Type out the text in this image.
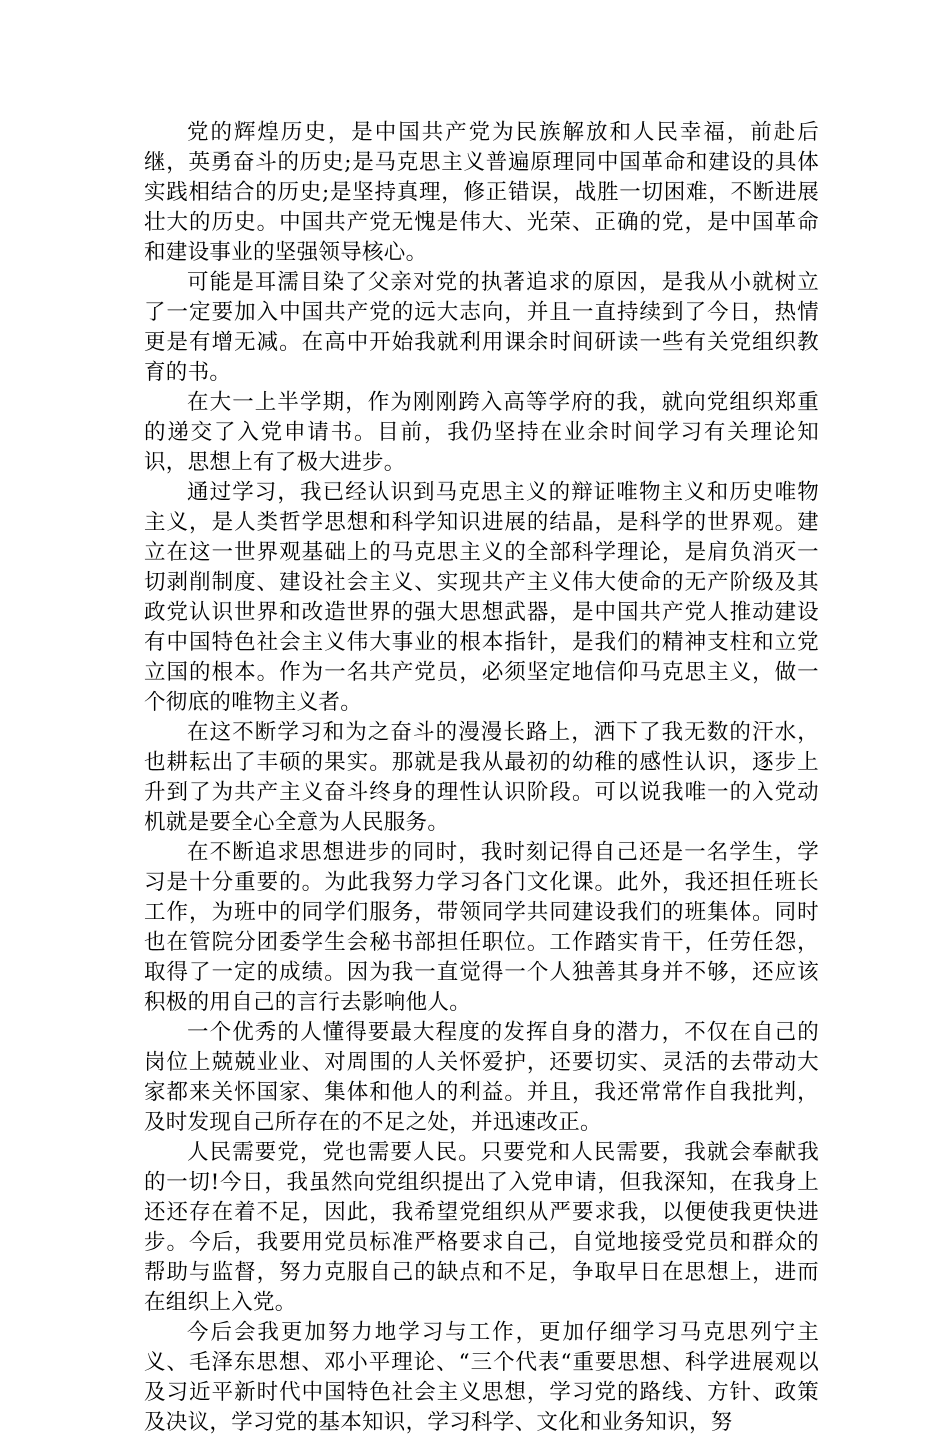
党的辉煌历史，是中国共产党为民族解放和人民幸福，前赴后继，英勇奋斗的历史;是马克思主义普遍原理同中国革命和建设的具体实践相结合的历史;是坚持真理，修正错误，战胜一切困难，不断进展壮大的历史。中国共产党无愧是伟大、光荣、正确的党，是中国革命和建设事业的坚强领导核心。

可能是耳濡目染了父亲对党的执著追求的原因，是我从小就树立了一定要加入中国共产党的远大志向，并且一直持续到了今日，热情更是有增无减。在高中开始我就利用课余时间研读一些有关党组织教育的书。

在大一上半学期，作为刚刚跨入高等学府的我，就向党组织郑重的递交了入党申请书。目前，我仍坚持在业余时间学习有关理论知识，思想上有了极大进步。

通过学习，我已经认识到马克思主义的辩证唯物主义和历史唯物主义，是人类哲学思想和科学知识进展的结晶，是科学的世界观。建立在这一世界观基础上的马克思主义的全部科学理论，是肩负消灭一切剥削制度、建设社会主义、实现共产主义伟大使命的无产阶级及其政党认识世界和改造世界的强大思想武器，是中国共产党人推动建设有中国特色社会主义伟大事业的根本指针，是我们的精神支柱和立党立国的根本。作为一名共产党员，必须坚定地信仰马克思主义，做一个彻底的唯物主义者。

在这不断学习和为之奋斗的漫漫长路上，洒下了我无数的汗水，也耕耘出了丰硕的果实。那就是我从最初的幼稚的感性认识，逐步上升到了为共产主义奋斗终身的理性认识阶段。可以说我唯一的入党动机就是要全心全意为人民服务。

在不断追求思想进步的同时，我时刻记得自己还是一名学生，学习是十分重要的。为此我努力学习各门文化课。此外，我还担任班长工作，为班中的同学们服务，带领同学共同建设我们的班集体。同时也在管院分团委学生会秘书部担任职位。工作踏实肯干，任劳任怨，取得了一定的成绩。因为我一直觉得一个人独善其身并不够，还应该积极的用自己的言行去影响他人。

一个优秀的人懂得要最大程度的发挥自身的潜力，不仅在自己的岗位上兢兢业业、对周围的人关怀爱护，还要切实、灵活的去带动大家都来关怀国家、集体和他人的利益。并且，我还常常作自我批判，及时发现自己所存在的不足之处，并迅速改正。

人民需要党，党也需要人民。只要党和人民需要，我就会奉献我的一切!今日，我虽然向党组织提出了入党申请，但我深知，在我身上还还存在着不足，因此，我希望党组织从严要求我，以便使我更快进步。今后，我要用党员标准严格要求自己，自觉地接受党员和群众的帮助与监督，努力克服自己的缺点和不足，争取早日在思想上，进而在组织上入党。

今后会我更加努力地学习与工作，更加仔细学习马克思列宁主义、毛泽东思想、邓小平理论、“三个代表“重要思想、科学进展观以及习近平新时代中国特色社会主义思想，学习党的路线、方针、政策及决议，学习党的基本知识，学习科学、文化和业务知识，努
